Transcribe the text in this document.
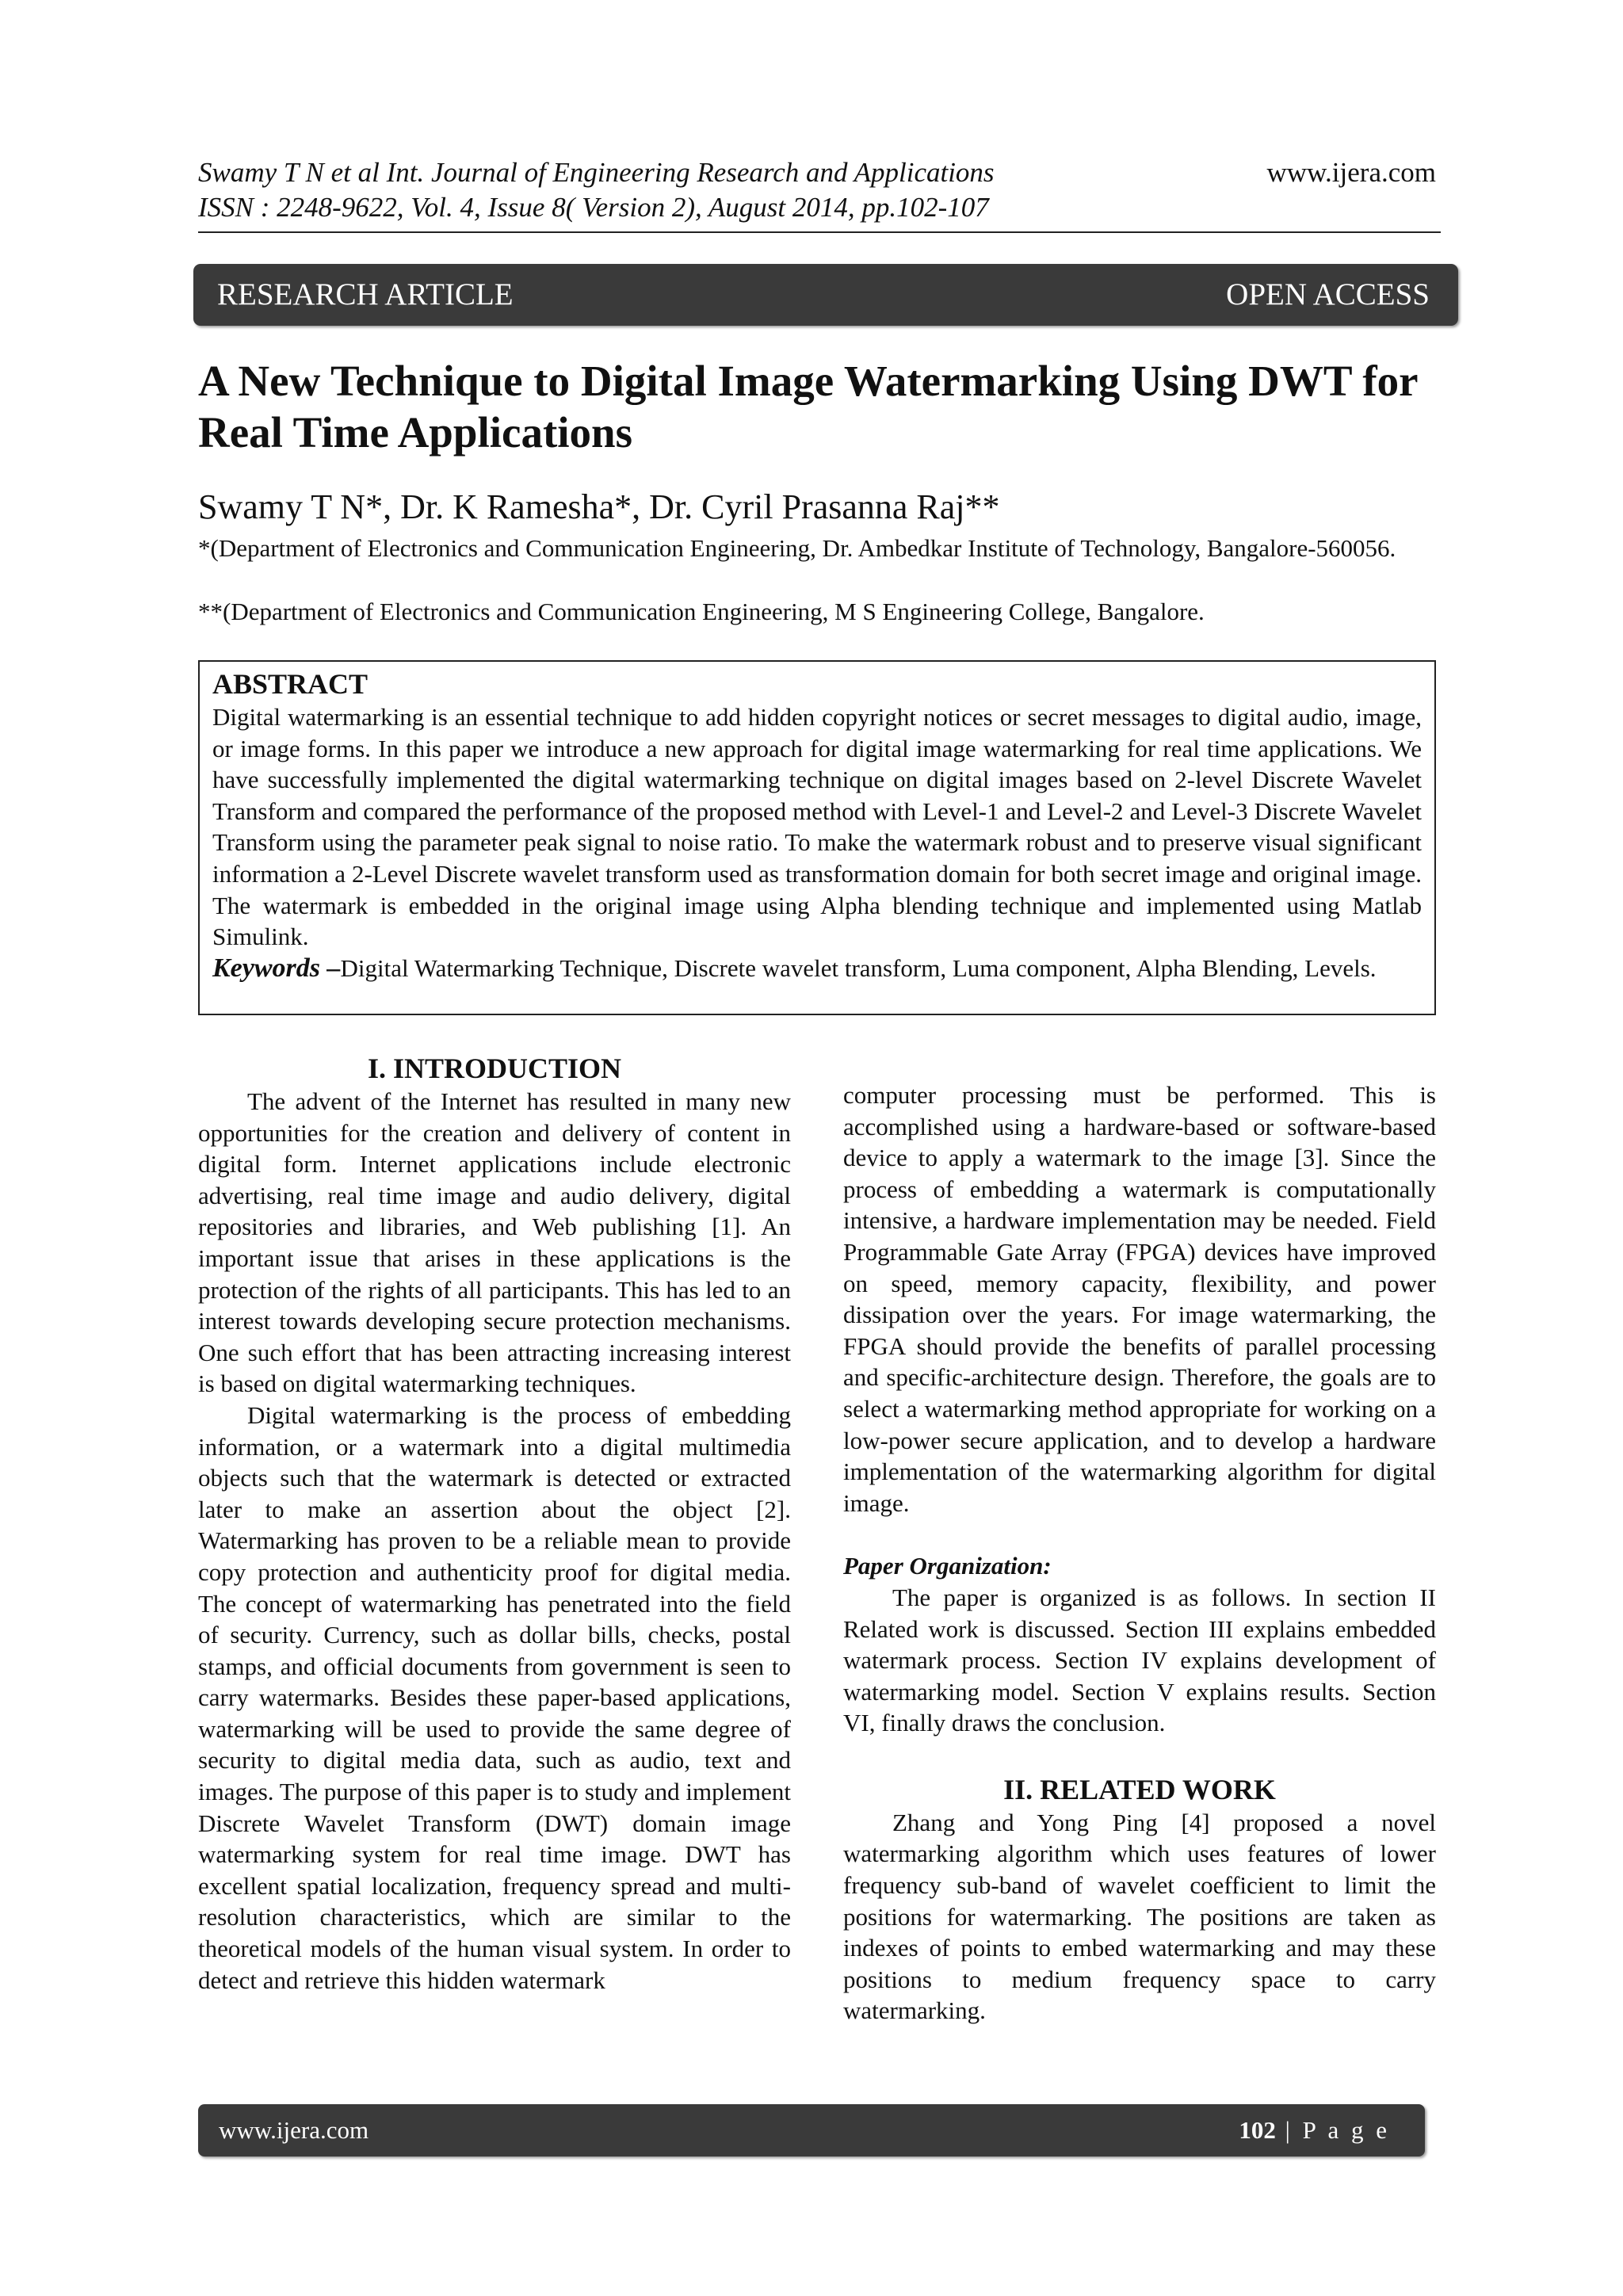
Swamy T N et al Int. Journal of Engineering Research and Applications
ISSN : 2248-9622, Vol. 4, Issue 8( Version 2), August 2014, pp.102-107
www.ijera.com
RESEARCH ARTICLE	OPEN ACCESS
A New Technique to Digital Image Watermarking Using DWT for Real Time Applications
Swamy T N*, Dr. K Ramesha*, Dr. Cyril Prasanna Raj**
*(Department of Electronics and Communication Engineering, Dr. Ambedkar Institute of Technology, Bangalore-560056.
**(Department of Electronics and Communication Engineering, M S Engineering College, Bangalore.
ABSTRACT
Digital watermarking is an essential technique to add hidden copyright notices or secret messages to digital audio, image, or image forms. In this paper we introduce a new approach for digital image watermarking for real time applications. We have successfully implemented the digital watermarking technique on digital images based on 2-level Discrete Wavelet Transform and compared the performance of the proposed method with Level-1 and Level-2 and Level-3 Discrete Wavelet Transform using the parameter peak signal to noise ratio. To make the watermark robust and to preserve visual significant information a 2-Level Discrete wavelet transform used as transformation domain for both secret image and original image. The watermark is embedded in the original image using Alpha blending technique and implemented using Matlab Simulink.
Keywords –Digital Watermarking Technique, Discrete wavelet transform, Luma component, Alpha Blending, Levels.
I. INTRODUCTION

The advent of the Internet has resulted in many new opportunities for the creation and delivery of content in digital form. Internet applications include electronic advertising, real time image and audio delivery, digital repositories and libraries, and Web publishing [1]. An important issue that arises in these applications is the protection of the rights of all participants. This has led to an interest towards developing secure protection mechanisms. One such effort that has been attracting increasing interest is based on digital watermarking techniques.

Digital watermarking is the process of embedding information, or a watermark into a digital multimedia objects such that the watermark is detected or extracted later to make an assertion about the object [2]. Watermarking has proven to be a reliable mean to provide copy protection and authenticity proof for digital media. The concept of watermarking has penetrated into the field of security. Currency, such as dollar bills, checks, postal stamps, and official documents from government is seen to carry watermarks. Besides these paper-based applications, watermarking will be used to provide the same degree of security to digital media data, such as audio, text and images. The purpose of this paper is to study and implement Discrete Wavelet Transform (DWT) domain image watermarking system for real time image. DWT has excellent spatial localization, frequency spread and multi-resolution characteristics, which are similar to the theoretical models of the human visual system. In order to detect and retrieve this hidden watermark

computer processing must be performed. This is accomplished using a hardware-based or software-based device to apply a watermark to the image [3]. Since the process of embedding a watermark is computationally intensive, a hardware implementation may be needed. Field Programmable Gate Array (FPGA) devices have improved on speed, memory capacity, flexibility, and power dissipation over the years. For image watermarking, the FPGA should provide the benefits of parallel processing and specific-architecture design. Therefore, the goals are to select a watermarking method appropriate for working on a low-power secure application, and to develop a hardware implementation of the watermarking algorithm for digital image.

Paper Organization:

The paper is organized is as follows. In section II Related work is discussed. Section III explains embedded watermark process. Section IV explains development of watermarking model. Section V explains results. Section VI, finally draws the conclusion.

II. RELATED WORK

Zhang and Yong Ping [4] proposed a novel watermarking algorithm which uses features of lower frequency sub-band of wavelet coefficient to limit the positions for watermarking. The positions are taken as indexes of points to embed watermarking and may these positions to medium frequency space to carry watermarking.

www.ijera.com	102 | P a g e
